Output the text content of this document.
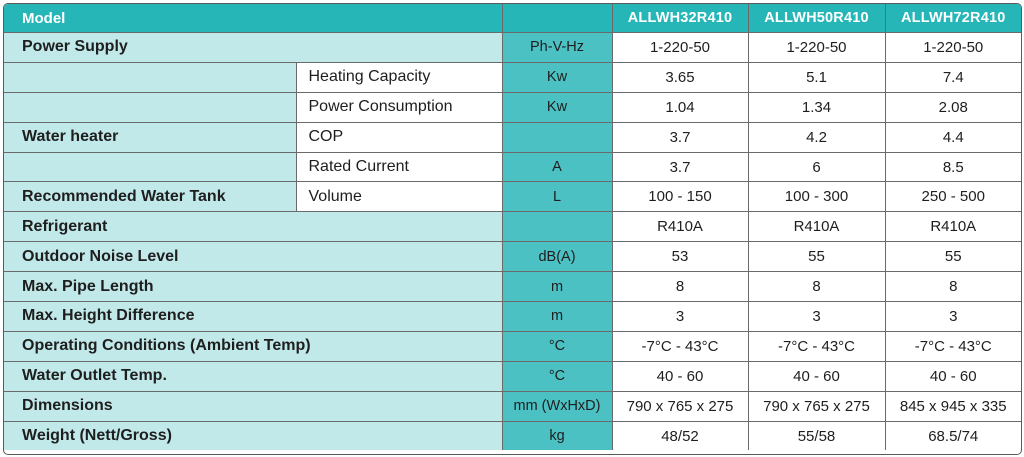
Model			ALLWH32R410	ALLWH50R410	ALLWH72R410
Power Supply		Ph-V-Hz	1-220-50	1-220-50	1-220-50
	Heating Capacity	Kw	3.65	5.1	7.4
	Power Consumption	Kw	1.04	1.34	2.08
Water heater	COP		3.7	4.2	4.4
	Rated Current	A	3.7	6	8.5
Recommended Water Tank	Volume	L	100 - 150	100 - 300	250 - 500
Refrigerant			R410A	R410A	R410A
Outdoor Noise Level		dB(A)	53	55	55
Max. Pipe Length		m	8	8	8
Max. Height Difference		m	3	3	3
Operating Conditions (Ambient Temp)		°C	-7°C - 43°C	-7°C - 43°C	-7°C - 43°C
Water Outlet Temp.		°C	40 - 60	40 - 60	40 - 60
Dimensions		mm (WxHxD)	790 x 765 x 275	790 x 765 x 275	845 x 945 x 335
Weight (Nett/Gross)		kg	48/52	55/58	68.5/74
